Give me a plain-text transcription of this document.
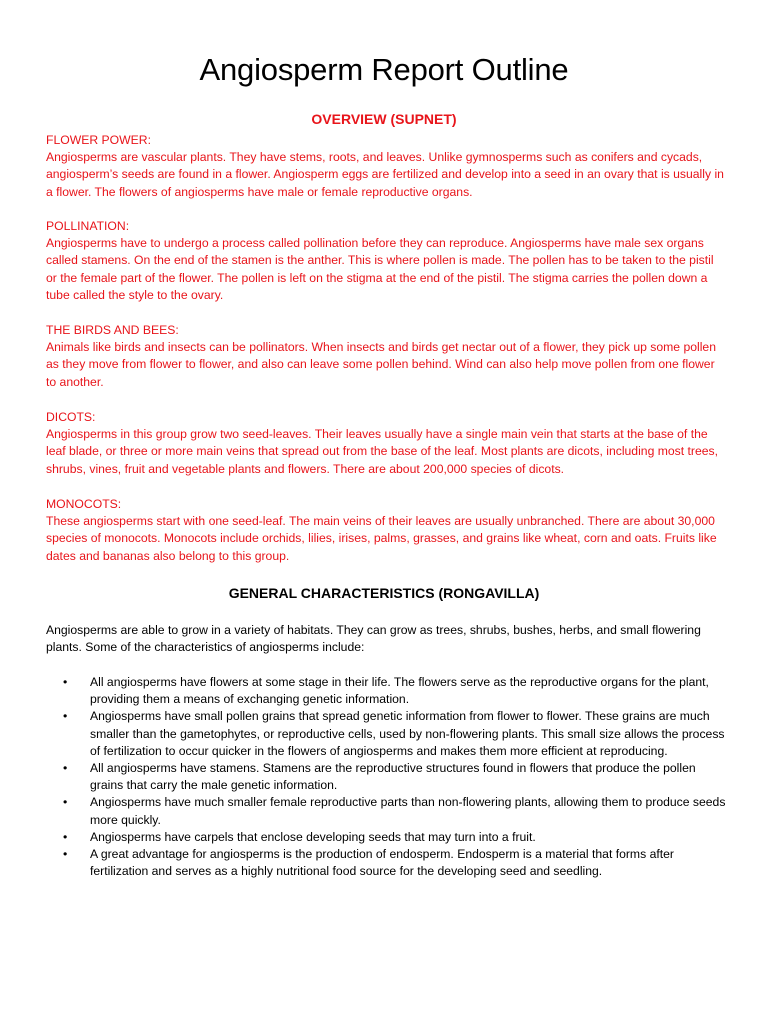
Angiosperm Report Outline
OVERVIEW (SUPNET)
FLOWER POWER:
Angiosperms are vascular plants. They have stems, roots, and leaves. Unlike gymnosperms such as conifers and cycads, angiosperm’s seeds are found in a flower. Angiosperm eggs are fertilized and develop into a seed in an ovary that is usually in a flower. The flowers of angiosperms have male or female reproductive organs.
POLLINATION:
Angiosperms have to undergo a process called pollination before they can reproduce. Angiosperms have male sex organs called stamens. On the end of the stamen is the anther. This is where pollen is made. The pollen has to be taken to the pistil or the female part of the flower. The pollen is left on the stigma at the end of the pistil. The stigma carries the pollen down a tube called the style to the ovary.
THE BIRDS AND BEES:
Animals like birds and insects can be pollinators. When insects and birds get nectar out of a flower, they pick up some pollen as they move from flower to flower, and also can leave some pollen behind. Wind can also help move pollen from one flower to another.
DICOTS:
Angiosperms in this group grow two seed-leaves. Their leaves usually have a single main vein that starts at the base of the leaf blade, or three or more main veins that spread out from the base of the leaf. Most plants are dicots, including most trees, shrubs, vines, fruit and vegetable plants and flowers. There are about 200,000 species of dicots.
MONOCOTS:
These angiosperms start with one seed-leaf. The main veins of their leaves are usually unbranched. There are about 30,000 species of monocots. Monocots include orchids, lilies, irises, palms, grasses, and grains like wheat, corn and oats. Fruits like dates and bananas also belong to this group.
GENERAL CHARACTERISTICS (RONGAVILLA)

Angiosperms are able to grow in a variety of habitats. They can grow as trees, shrubs, bushes, herbs, and small flowering plants. Some of the characteristics of angiosperms include:

• All angiosperms have flowers at some stage in their life. The flowers serve as the reproductive organs for the plant, providing them a means of exchanging genetic information.
• Angiosperms have small pollen grains that spread genetic information from flower to flower. These grains are much smaller than the gametophytes, or reproductive cells, used by non-flowering plants. This small size allows the process of fertilization to occur quicker in the flowers of angiosperms and makes them more efficient at reproducing.
• All angiosperms have stamens. Stamens are the reproductive structures found in flowers that produce the pollen grains that carry the male genetic information.
• Angiosperms have much smaller female reproductive parts than non-flowering plants, allowing them to produce seeds more quickly.
• Angiosperms have carpels that enclose developing seeds that may turn into a fruit.
• A great advantage for angiosperms is the production of endosperm. Endosperm is a material that forms after fertilization and serves as a highly nutritional food source for the developing seed and seedling.
